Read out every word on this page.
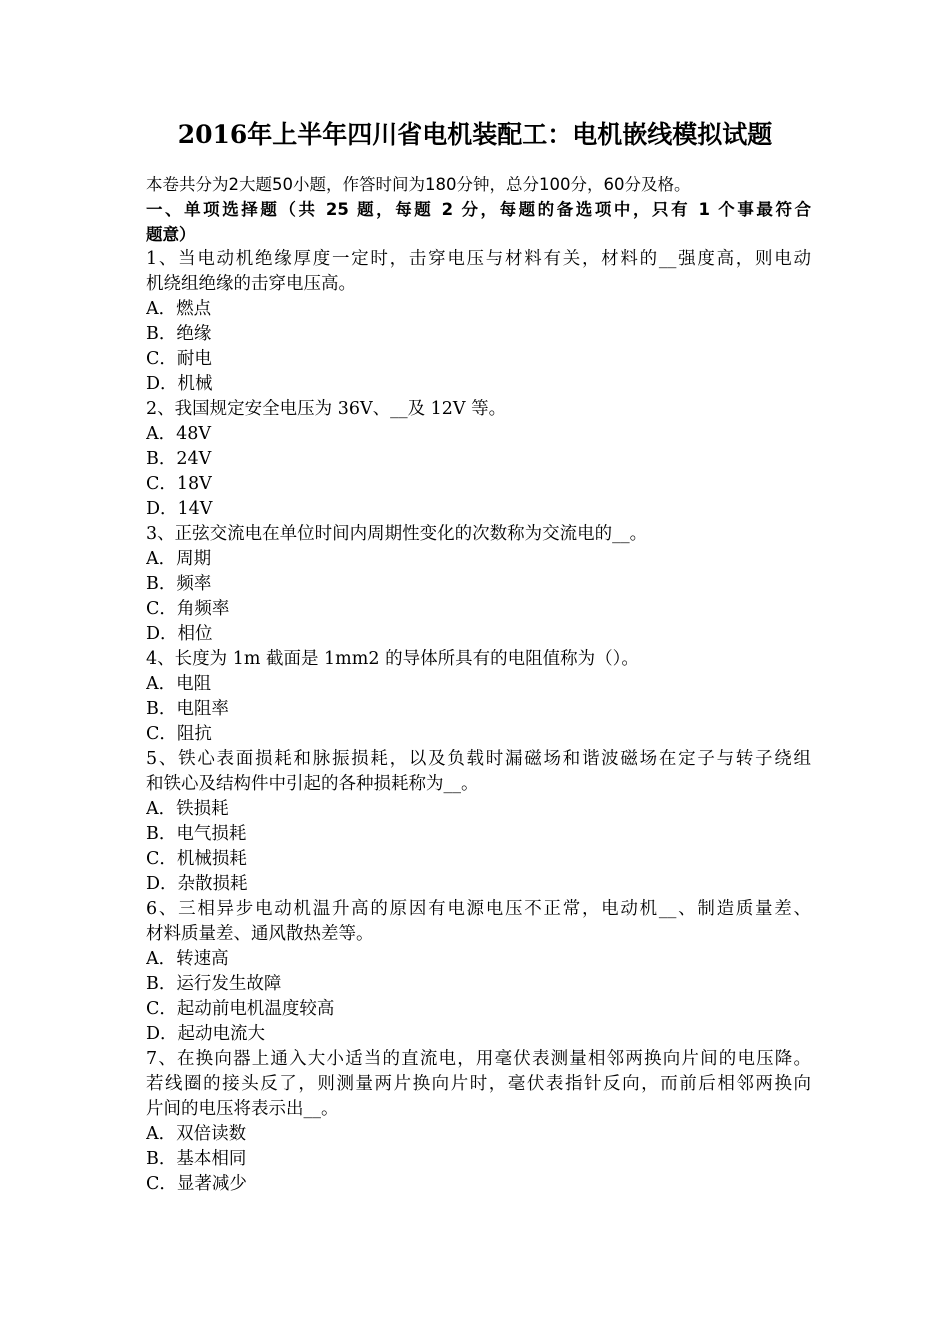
2016年上半年四川省电机装配工：电机嵌线模拟试题
本卷共分为2大题50小题，作答时间为180分钟，总分100分，60分及格。
一、单项选择题（共 25 题，每题 2 分，每题的备选项中，只有 1 个事最符合
题意）
1、当电动机绝缘厚度一定时，击穿电压与材料有关，材料的__强度高，则电动
机绕组绝缘的击穿电压高。
A．燃点
B．绝缘
C．耐电
D．机械
2、我国规定安全电压为 36V、__及 12V 等。
A．48V
B．24V
C．18V
D．14V
3、正弦交流电在单位时间内周期性变化的次数称为交流电的__。
A．周期
B．频率
C．角频率
D．相位
4、长度为 1m 截面是 1mm2 的导体所具有的电阻值称为（）。
A．电阻
B．电阻率
C．阻抗
5、铁心表面损耗和脉振损耗，以及负载时漏磁场和谐波磁场在定子与转子绕组
和铁心及结构件中引起的各种损耗称为__。
A．铁损耗
B．电气损耗
C．机械损耗
D．杂散损耗
6、三相异步电动机温升高的原因有电源电压不正常，电动机__、制造质量差、
材料质量差、通风散热差等。
A．转速高
B．运行发生故障
C．起动前电机温度较高
D．起动电流大
7、在换向器上通入大小适当的直流电，用毫伏表测量相邻两换向片间的电压降。
若线圈的接头反了，则测量两片换向片时，毫伏表指针反向，而前后相邻两换向
片间的电压将表示出__。
A．双倍读数
B．基本相同
C．显著减少
